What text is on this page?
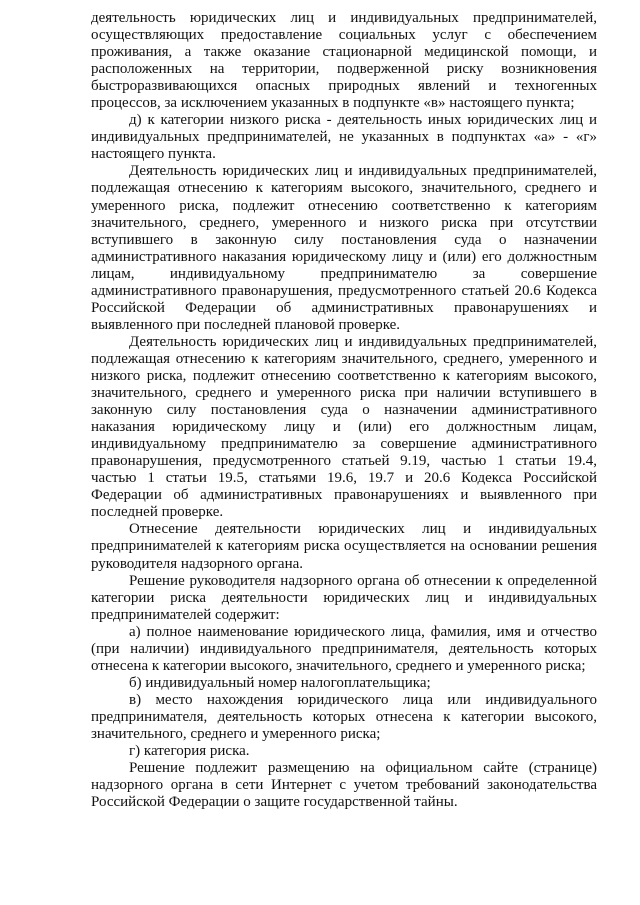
деятельность юридических лиц и индивидуальных предпринимателей, осуществляющих предоставление социальных услуг с обеспечением проживания, а также оказание стационарной медицинской помощи, и расположенных на территории, подверженной риску возникновения быстроразвивающихся опасных природных явлений и техногенных процессов, за исключением указанных в подпункте «в» настоящего пункта;

д) к категории низкого риска - деятельность иных юридических лиц и индивидуальных предпринимателей, не указанных в подпунктах «а» - «г» настоящего пункта.

Деятельность юридических лиц и индивидуальных предпринимателей, подлежащая отнесению к категориям высокого, значительного, среднего и умеренного риска, подлежит отнесению соответственно к категориям значительного, среднего, умеренного и низкого риска при отсутствии вступившего в законную силу постановления суда о назначении административного наказания юридическому лицу и (или) его должностным лицам, индивидуальному предпринимателю за совершение административного правонарушения, предусмотренного статьей 20.6 Кодекса Российской Федерации об административных правонарушениях и выявленного при последней плановой проверке.

Деятельность юридических лиц и индивидуальных предпринимателей, подлежащая отнесению к категориям значительного, среднего, умеренного и низкого риска, подлежит отнесению соответственно к категориям высокого, значительного, среднего и умеренного риска при наличии вступившего в законную силу постановления суда о назначении административного наказания юридическому лицу и (или) его должностным лицам, индивидуальному предпринимателю за совершение административного правонарушения, предусмотренного статьей 9.19, частью 1 статьи 19.4, частью 1 статьи 19.5, статьями 19.6, 19.7 и 20.6 Кодекса Российской Федерации об административных правонарушениях и выявленного при последней проверке.

Отнесение деятельности юридических лиц и индивидуальных предпринимателей к категориям риска осуществляется на основании решения руководителя надзорного органа.

Решение руководителя надзорного органа об отнесении к определенной категории риска деятельности юридических лиц и индивидуальных предпринимателей содержит:

а) полное наименование юридического лица, фамилия, имя и отчество (при наличии) индивидуального предпринимателя, деятельность которых отнесена к категории высокого, значительного, среднего и умеренного риска;

б) индивидуальный номер налогоплательщика;

в) место нахождения юридического лица или индивидуального предпринимателя, деятельность которых отнесена к категории высокого, значительного, среднего и умеренного риска;

г) категория риска.

Решение подлежит размещению на официальном сайте (странице) надзорного органа в сети Интернет с учетом требований законодательства Российской Федерации о защите государственной тайны.
